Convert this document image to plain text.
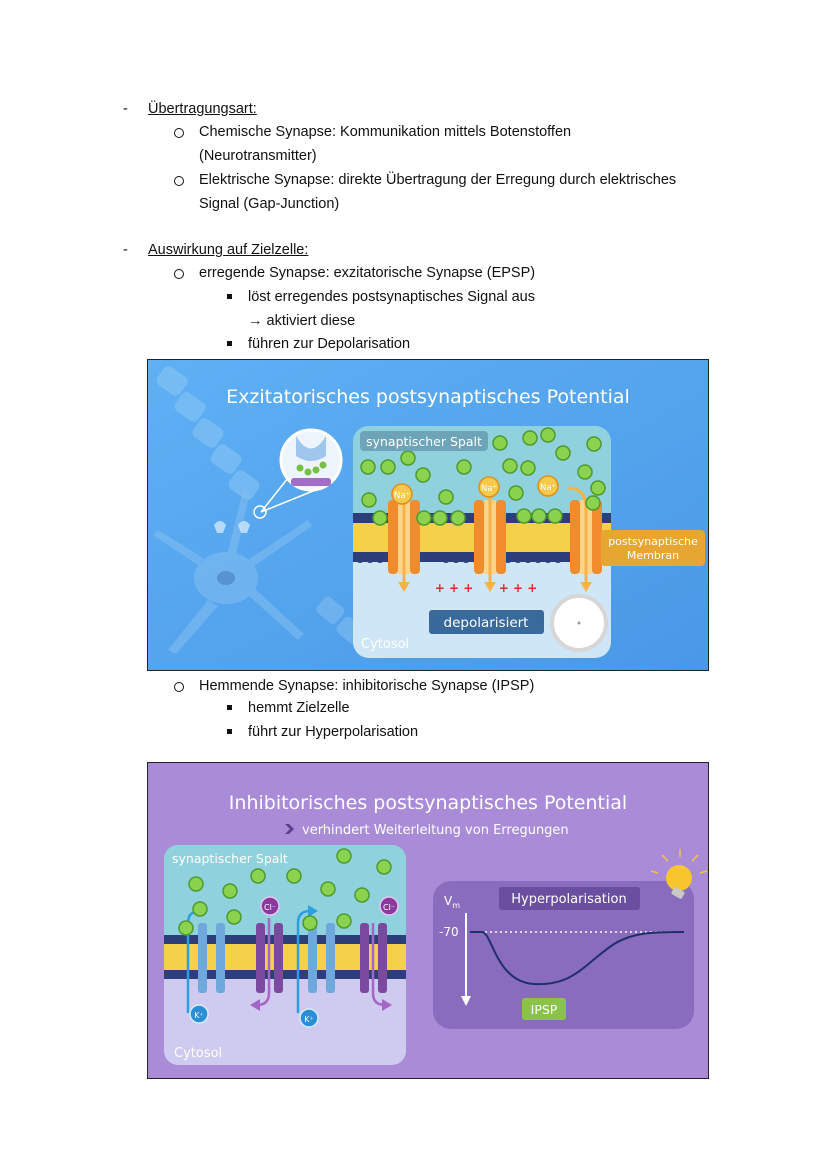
- Übertragungsart:
Chemische Synapse: Kommunikation mittels Botenstoffen
(Neurotransmitter)
Elektrische Synapse: direkte Übertragung der Erregung durch elektrisches
Signal (Gap-Junction)
- Auswirkung auf Zielzelle:
erregende Synapse: exzitatorische Synapse (EPSP)
löst erregendes postsynaptisches Signal aus
→ aktiviert diese
führen zur Depolarisation
Exzitatorisches postsynaptisches Potential
Na⁺
Na⁺	Na⁺
synaptischer Spalt
+ + + + + +
depolarisiert
Cytosol
postsynaptische
Membran
Hemmende Synapse: inhibitorische Synapse (IPSP)
hemmt Zielzelle
führt zur Hyperpolarisation
Inhibitorisches postsynaptisches Potential
verhindert Weiterleitung von Erregungen
Cl⁻	Cl⁻
K⁺	K⁺
synaptischer Spalt
Cytosol
$V_m$
-70
Hyperpolarisation
IPSP
